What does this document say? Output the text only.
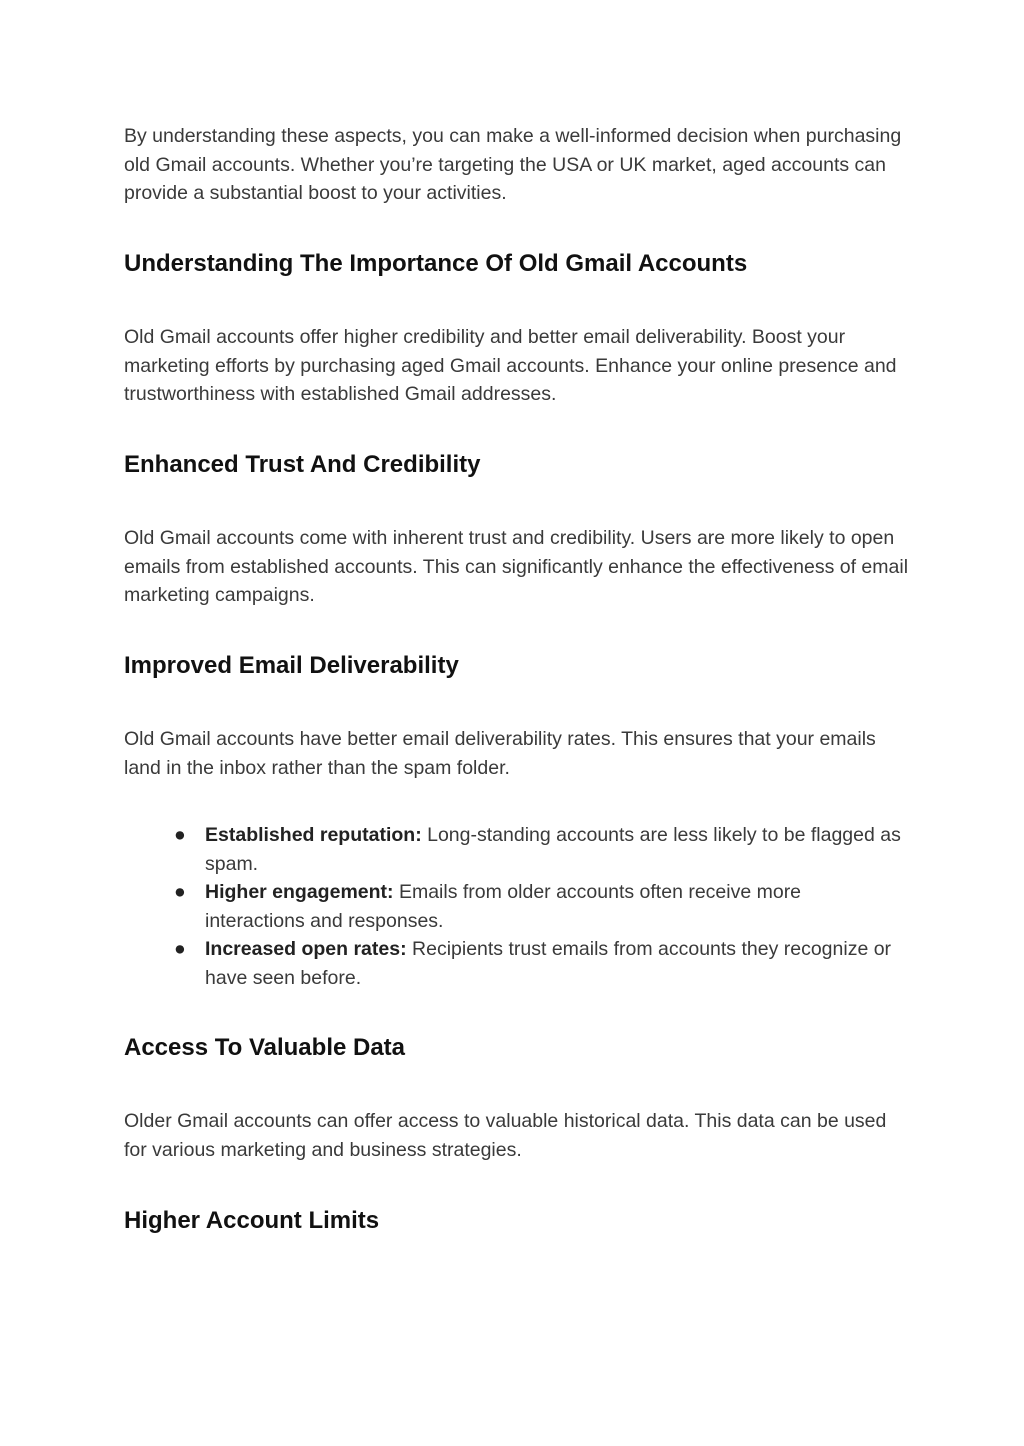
By understanding these aspects, you can make a well-informed decision when purchasing old Gmail accounts. Whether you’re targeting the USA or UK market, aged accounts can provide a substantial boost to your activities.

Understanding The Importance Of Old Gmail Accounts

Old Gmail accounts offer higher credibility and better email deliverability. Boost your marketing efforts by purchasing aged Gmail accounts. Enhance your online presence and trustworthiness with established Gmail addresses.

Enhanced Trust And Credibility

Old Gmail accounts come with inherent trust and credibility. Users are more likely to open emails from established accounts. This can significantly enhance the effectiveness of email marketing campaigns.

Improved Email Deliverability

Old Gmail accounts have better email deliverability rates. This ensures that your emails land in the inbox rather than the spam folder.

● Established reputation: Long-standing accounts are less likely to be flagged as spam.
● Higher engagement: Emails from older accounts often receive more interactions and responses.
● Increased open rates: Recipients trust emails from accounts they recognize or have seen before.
Access To Valuable Data

Older Gmail accounts can offer access to valuable historical data. This data can be used for various marketing and business strategies.

Higher Account Limits
